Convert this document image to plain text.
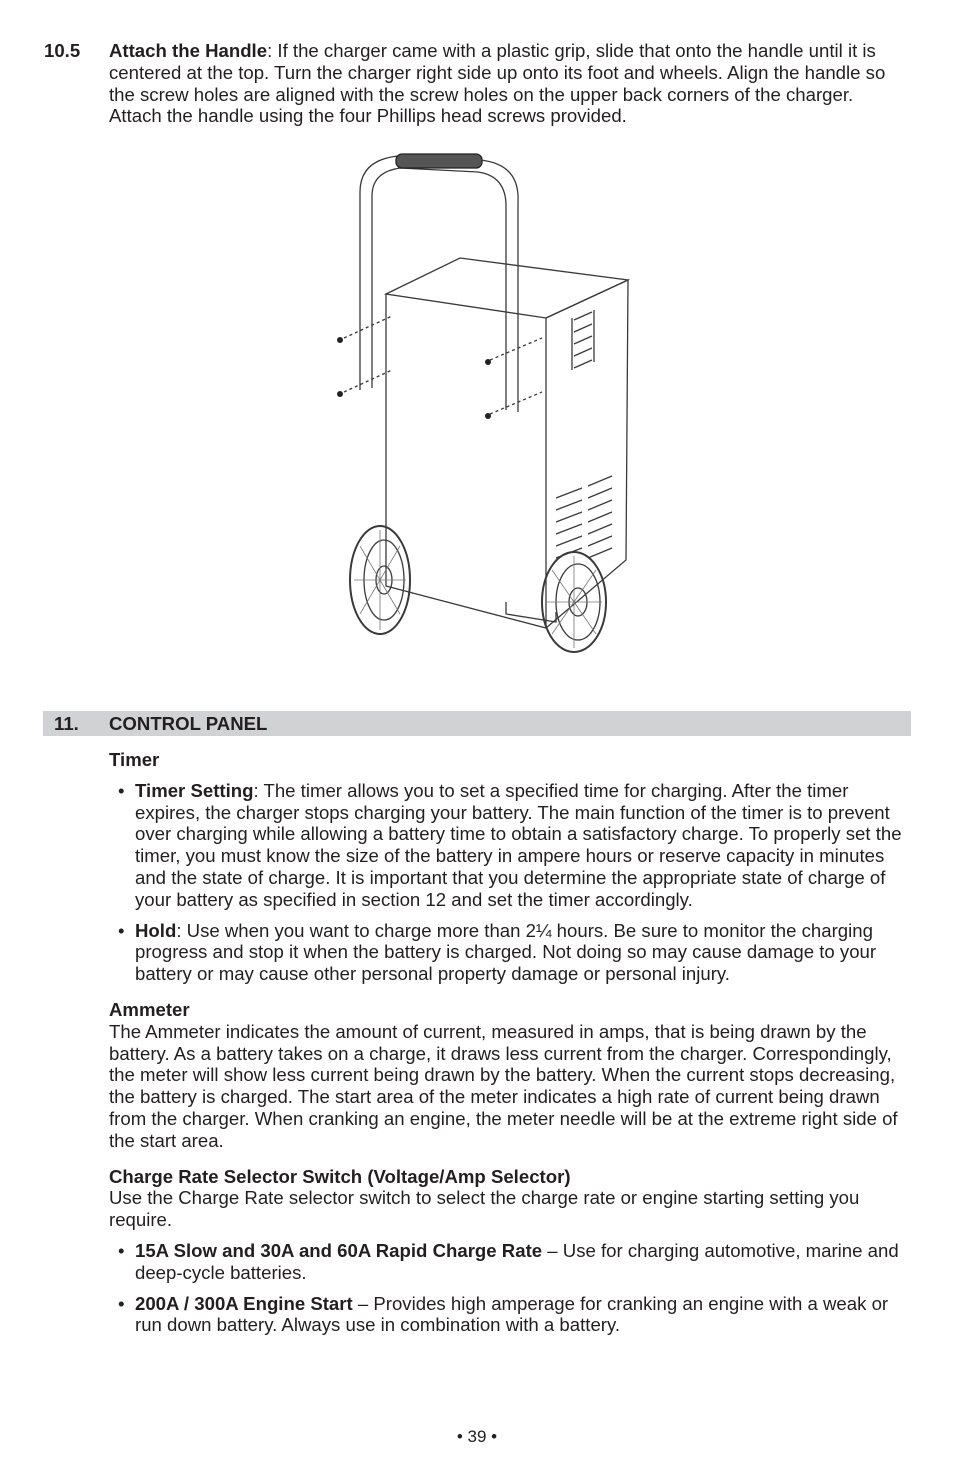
10.5 Attach the Handle: If the charger came with a plastic grip, slide that onto the handle until it is centered at the top. Turn the charger right side up onto its foot and wheels. Align the handle so the screw holes are aligned with the screw holes on the upper back corners of the charger. Attach the handle using the four Phillips head screws provided.
11. CONTROL PANEL

Timer

• Timer Setting: The timer allows you to set a specified time for charging. After the timer expires, the charger stops charging your battery. The main function of the timer is to prevent over charging while allowing a battery time to obtain a satisfactory charge. To properly set the timer, you must know the size of the battery in ampere hours or reserve capacity in minutes and the state of charge. It is important that you determine the appropriate state of charge of your battery as specified in section 12 and set the timer accordingly.
• Hold: Use when you want to charge more than 2¼ hours. Be sure to monitor the charging progress and stop it when the battery is charged. Not doing so may cause damage to your battery or may cause other personal property damage or personal injury.

Ammeter

The Ammeter indicates the amount of current, measured in amps, that is being drawn by the battery. As a battery takes on a charge, it draws less current from the charger. Correspondingly, the meter will show less current being drawn by the battery. When the current stops decreasing, the battery is charged. The start area of the meter indicates a high rate of current being drawn from the charger. When cranking an engine, the meter needle will be at the extreme right side of the start area.

Charge Rate Selector Switch (Voltage/Amp Selector)

Use the Charge Rate selector switch to select the charge rate or engine starting setting you require.

• 15A Slow and 30A and 60A Rapid Charge Rate – Use for charging automotive, marine and deep-cycle batteries.
• 200A / 300A Engine Start – Provides high amperage for cranking an engine with a weak or run down battery. Always use in combination with a battery.
• 39 •
